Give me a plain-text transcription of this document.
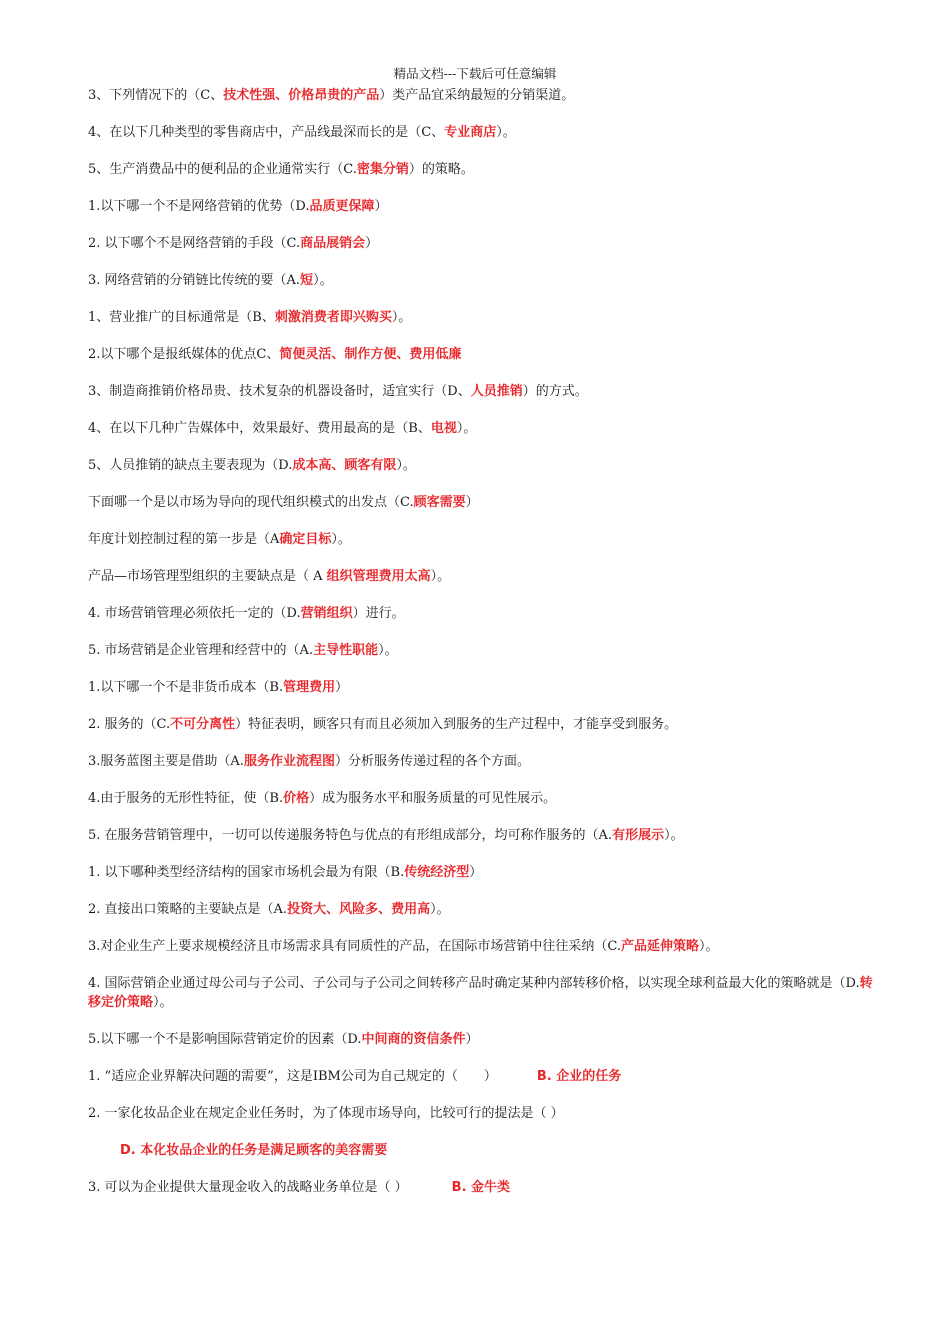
精品文档---下载后可任意编辑

3、下列情况下的（C、技术性强、价格昂贵的产品）类产品宜采纳最短的分销渠道。

4、在以下几种类型的零售商店中，产品线最深而长的是（C、专业商店）。

5、生产消费品中的便利品的企业通常实行（C.密集分销）的策略。

1.以下哪一个不是网络营销的优势（D.品质更保障）

2. 以下哪个不是网络营销的手段（C.商品展销会）

3. 网络营销的分销链比传统的要（A.短）。

1、营业推广的目标通常是（B、刺激消费者即兴购买）。

2.以下哪个是报纸媒体的优点C、简便灵活、制作方便、费用低廉

3、制造商推销价格昂贵、技术复杂的机器设备时，适宜实行（D、人员推销）的方式。

4、在以下几种广告媒体中，效果最好、费用最高的是（B、电视）。

5、人员推销的缺点主要表现为（D.成本高、顾客有限）。

下面哪一个是以市场为导向的现代组织模式的出发点（C.顾客需要）

年度计划控制过程的第一步是（A确定目标）。

产品—市场管理型组织的主要缺点是（ A 组织管理费用太高）。

4. 市场营销管理必须依托一定的（D.营销组织）进行。

5. 市场营销是企业管理和经营中的（A.主导性职能）。

1.以下哪一个不是非货币成本（B.管理费用）

2. 服务的（C.不可分离性）特征表明，顾客只有而且必须加入到服务的生产过程中，才能享受到服务。

3.服务蓝图主要是借助（A.服务作业流程图）分析服务传递过程的各个方面。

4.由于服务的无形性特征，使（B.价格）成为服务水平和服务质量的可见性展示。

5. 在服务营销管理中，一切可以传递服务特色与优点的有形组成部分，均可称作服务的（A.有形展示）。

1. 以下哪种类型经济结构的国家市场机会最为有限（B.传统经济型）

2. 直接出口策略的主要缺点是（A.投资大、风险多、费用高）。

3.对企业生产上要求规模经济且市场需求具有同质性的产品，在国际市场营销中往往采纳（C.产品延伸策略）。

4. 国际营销企业通过母公司与子公司、子公司与子公司之间转移产品时确定某种内部转移价格，以实现全球利益最大化的策略就是（D.转移定价策略）。

5.以下哪一个不是影响国际营销定价的因素（D.中间商的资信条件）

1. “适应企业界解决问题的需要”，这是IBM公司为自己规定的（　　）	B. 企业的任务

2. 一家化妆品企业在规定企业任务时，为了体现市场导向，比较可行的提法是（ ）

D. 本化妆品企业的任务是满足顾客的美容需要

3. 可以为企业提供大量现金收入的战略业务单位是（ ）	B. 金牛类
